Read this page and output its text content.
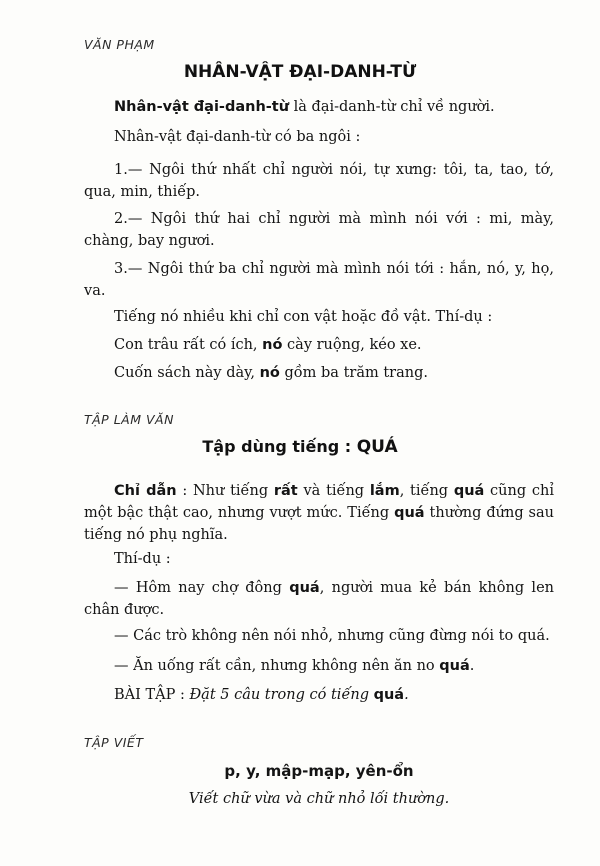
VĂN PHẠM
NHÂN-VẬT ĐẠI-DANH-TỪ
Nhân-vật đại-danh-từ là đại-danh-từ chỉ về người.
Nhân-vật đại-danh-từ có ba ngôi :
1.— Ngôi thứ nhất chỉ người nói, tự xưng: tôi, ta, tao, tớ, qua, min, thiếp.
2.— Ngôi thứ hai chỉ người mà mình nói với : mi, mày, chàng, bay ngươi.
3.— Ngôi thứ ba chỉ người mà mình nói tới : hắn, nó, y, họ, va.
Tiếng nó nhiều khi chỉ con vật hoặc đồ vật. Thí-dụ :
Con trâu rất có ích, nó cày ruộng, kéo xe.
Cuốn sách này dày, nó gồm ba trăm trang.
TẬP LÀM VĂN
Tập dùng tiếng : QUÁ
Chỉ dẫn : Như tiếng rất và tiếng lắm, tiếng quá cũng chỉ một bậc thật cao, nhưng vượt mức. Tiếng quá thường đứng sau tiếng nó phụ nghĩa.
Thí-dụ :
— Hôm nay chợ đông quá, người mua kẻ bán không len chân được.
— Các trò không nên nói nhỏ, nhưng cũng đừng nói to quá.
— Ăn uống rất cần, nhưng không nên ăn no quá.
BÀI TẬP : Đặt 5 câu trong có tiếng quá.
TẬP VIẾT
p, y, mập-mạp, yên-ổn
Viết chữ vừa và chữ nhỏ lối thường.
